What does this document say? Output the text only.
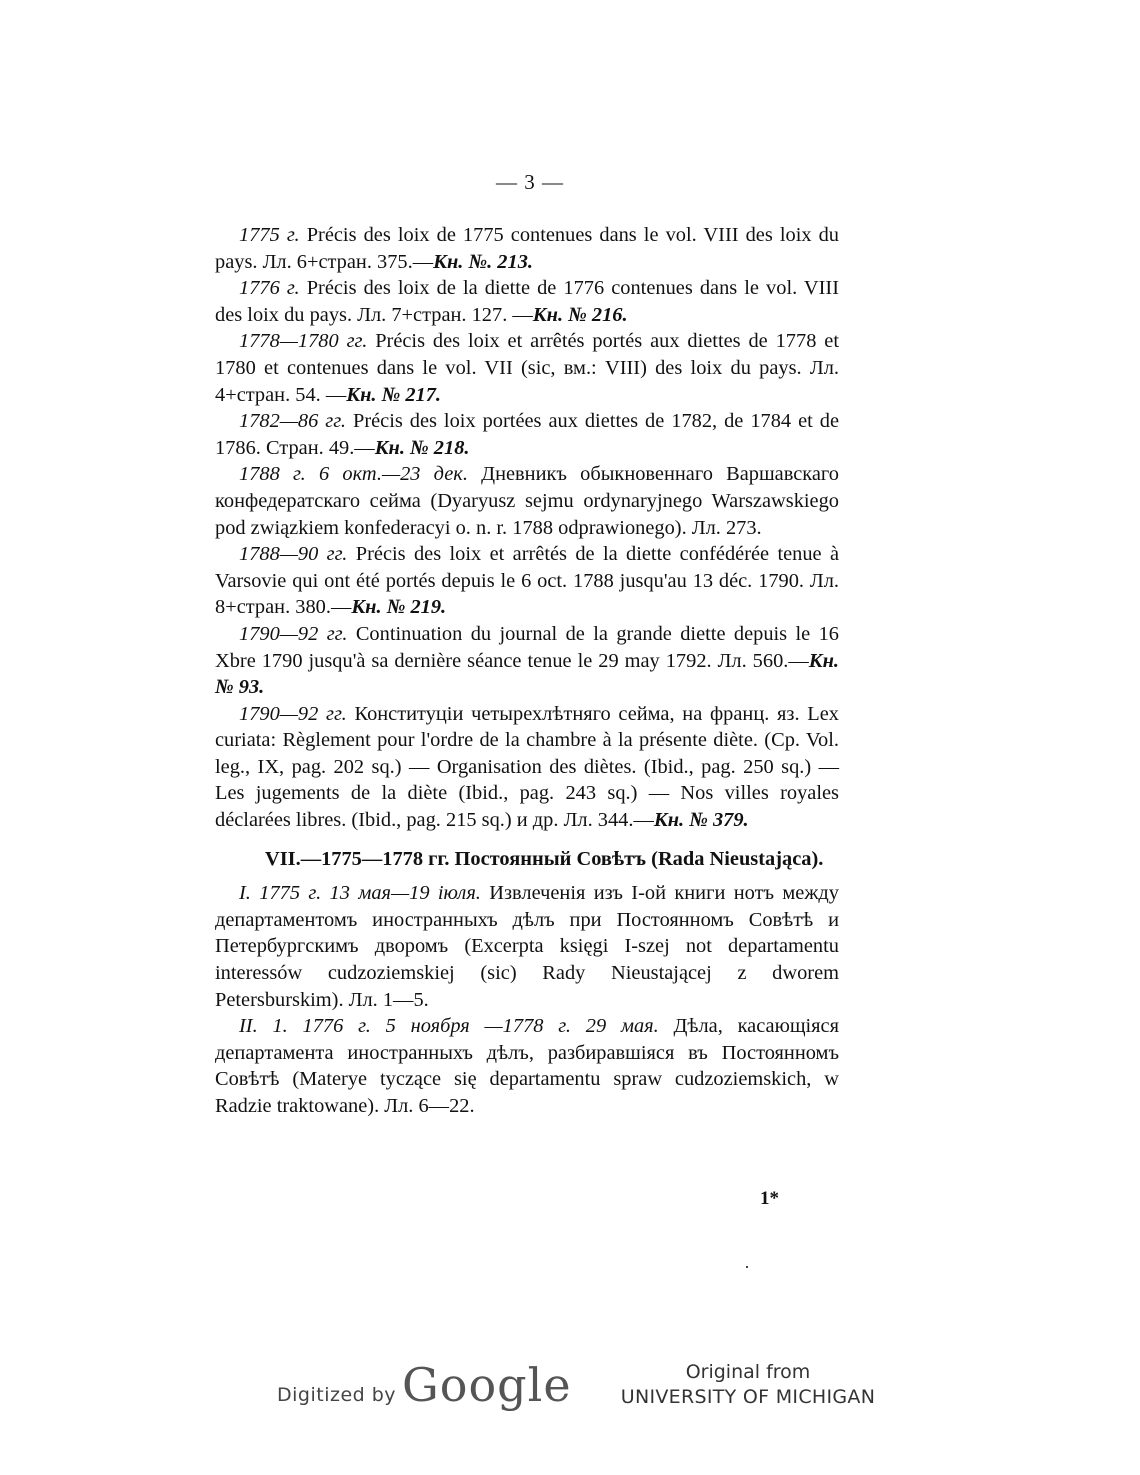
— 3 —

1775 г. Précis des loix de 1775 contenues dans le vol. VIII des loix du pays. Лл. 6+стран. 375.—Кн. №. 213.

1776 г. Précis des loix de la diette de 1776 contenues dans le vol. VIII des loix du pays. Лл. 7+стран. 127. —Кн. № 216.

1778—1780 гг. Précis des loix et arrêtés portés aux diettes de 1778 et 1780 et contenues dans le vol. VII (sic, вм.: VIII) des loix du pays. Лл. 4+стран. 54. —Кн. № 217.

1782—86 гг. Précis des loix portées aux diettes de 1782, de 1784 et de 1786. Стран. 49.—Кн. № 218.

1788 г. 6 окт.—23 дек. Дневникъ обыкновеннаго Варшавскаго конфедератскаго сейма (Dyaryusz sejmu ordynaryjnego Warszawskiego pod związkiem konfederacyi o. n. r. 1788 odprawionego). Лл. 273.

1788—90 гг. Précis des loix et arrêtés de la diette confédérée tenue à Varsovie qui ont été portés depuis le 6 oct. 1788 jusqu'au 13 déc. 1790. Лл. 8+стран. 380.—Кн. № 219.

1790—92 гг. Continuation du journal de la grande diette depuis le 16 Xbre 1790 jusqu'à sa dernière séance tenue le 29 may 1792. Лл. 560.—Кн. № 93.

1790—92 гг. Конституціи четырехлѣтняго сейма, на франц. яз. Lex curiata: Règlement pour l'ordre de la chambre à la présente diète. (Cp. Vol. leg., IX, pag. 202 sq.) — Organisation des diètes. (Ibid., pag. 250 sq.) — Les jugements de la diète (Ibid., pag. 243 sq.) — Nos villes royales déclarées libres. (Ibid., pag. 215 sq.) и др. Лл. 344.—Кн. № 379.

VII.—1775—1778 гг. Постоянный Совѣтъ (Rada Nieustająca).

I. 1775 г. 13 мая—19 іюля. Извлеченія изъ I-ой книги нотъ между департаментомъ иностранныхъ дѣлъ при Постоянномъ Совѣтѣ и Петербургскимъ дворомъ (Excerpta księgi I-szej not departamentu interessów cudzoziemskiej (sic) Rady Nieustającej z dworem Petersburskim). Лл. 1—5.

II. 1. 1776 г. 5 ноября —1778 г. 29 мая. Дѣла, касающіяся департамента иностранныхъ дѣлъ, разбиравшіяся въ Постоянномъ Совѣтѣ (Materye tyczące się departamentu spraw cudzoziemskich, w Radzie traktowane). Лл. 6—22.

1*
Digitized by Google	Original from
UNIVERSITY OF MICHIGAN
